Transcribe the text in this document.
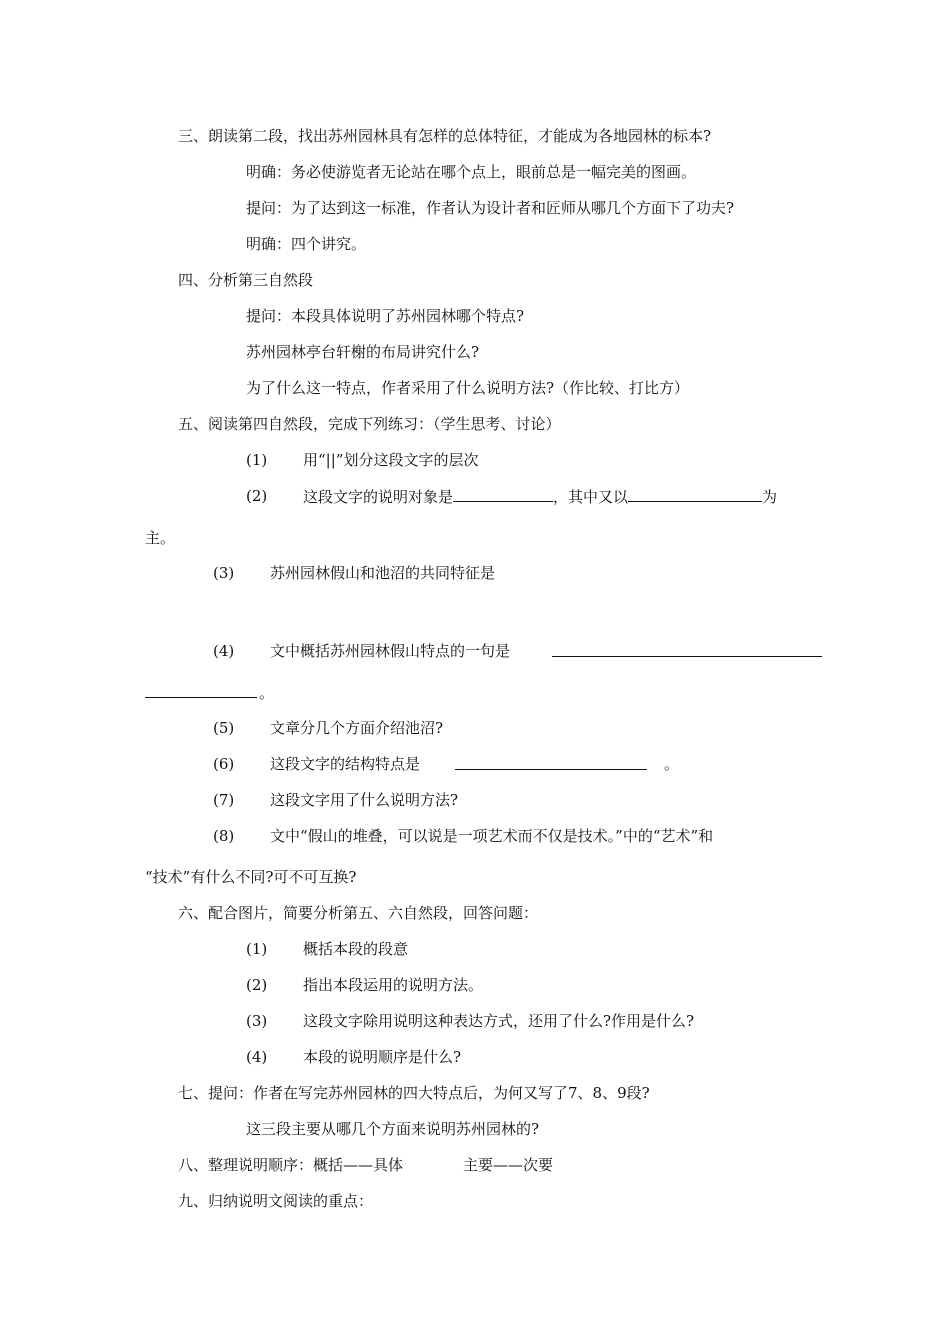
三、朗读第二段，找出苏州园林具有怎样的总体特征，才能成为各地园林的标本?
明确：务必使游览者无论站在哪个点上，眼前总是一幅完美的图画。
提问：为了达到这一标准，作者认为设计者和匠师从哪几个方面下了功夫?
明确：四个讲究。
四、分析第三自然段
提问：本段具体说明了苏州园林哪个特点?
苏州园林亭台轩榭的布局讲究什么?
为了什么这一特点，作者采用了什么说明方法?（作比较、打比方）
五、阅读第四自然段，完成下列练习：（学生思考、讨论）
(1) 用“||”划分这段文字的层次
(2) 这段文字的说明对象是	，其中又以	为
主。
(3) 苏州园林假山和池沼的共同特征是
(4) 文中概括苏州园林假山特点的一句是
。
(5) 文章分几个方面介绍池沼?
(6) 这段文字的结构特点是	。
(7) 这段文字用了什么说明方法?
(8) 文中“假山的堆叠，可以说是一项艺术而不仅是技术。”中的“艺术”和
“技术”有什么不同?可不可互换?
六、配合图片，简要分析第五、六自然段，回答问题：
(1) 概括本段的段意
(2) 指出本段运用的说明方法。
(3) 这段文字除用说明这种表达方式，还用了什么?作用是什么?
(4) 本段的说明顺序是什么?
七、提问：作者在写完苏州园林的四大特点后，为何又写了7、8、9段?
这三段主要从哪几个方面来说明苏州园林的?
八、整理说明顺序：概括——具体	主要——次要
九、归纳说明文阅读的重点：
